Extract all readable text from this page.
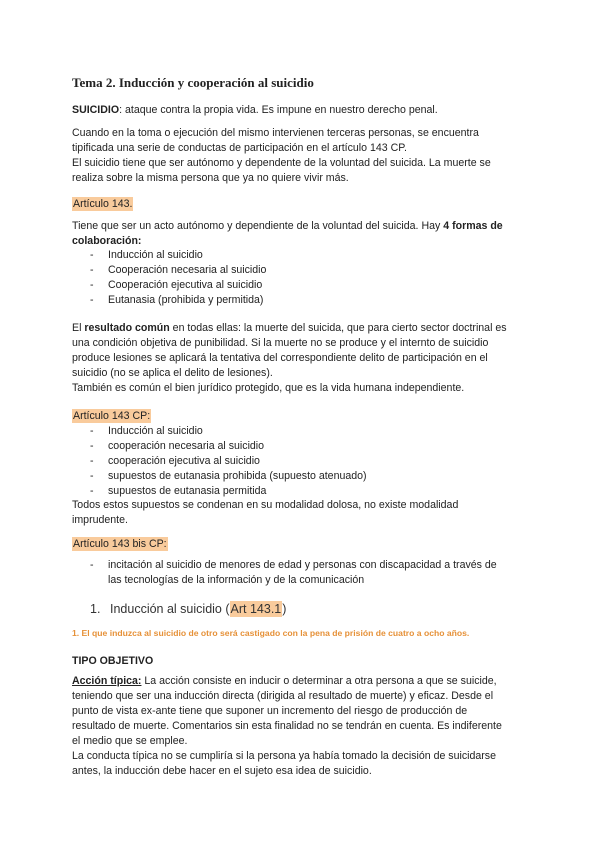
Tema 2. Inducción y cooperación al suicidio
SUICIDIO: ataque contra la propia vida. Es impune en nuestro derecho penal.
Cuando en la toma o ejecución del mismo intervienen terceras personas, se encuentra
tipificada una serie de conductas de participación en el artículo 143 CP.
El suicidio tiene que ser autónomo y dependente de la voluntad del suicida. La muerte se
realiza sobre la misma persona que ya no quiere vivir más.
Artículo 143.
Tiene que ser un acto autónomo y dependiente de la voluntad del suicida. Hay 4 formas de colaboración:
- Inducción al suicidio
- Cooperación necesaria al suicidio
- Cooperación ejecutiva al suicidio
- Eutanasia (prohibida y permitida)
El resultado común en todas ellas: la muerte del suicida, que para cierto sector doctrinal es
una condición objetiva de punibilidad. Si la muerte no se produce y el internto de suicidio
produce lesiones se aplicará la tentativa del correspondiente delito de participación en el
suicidio (no se aplica el delito de lesiones).
También es común el bien jurídico protegido, que es la vida humana independiente.
Artículo 143 CP:
- Inducción al suicidio
- cooperación necesaria al suicidio
- cooperación ejecutiva al suicidio
- supuestos de eutanasia prohibida (supuesto atenuado)
- supuestos de eutanasia permitida
Todos estos supuestos se condenan en su modalidad dolosa, no existe modalidad
imprudente.
Artículo 143 bis CP:
- incitación al suicidio de menores de edad y personas con discapacidad a través de
las tecnologías de la información y de la comunicación
1. Inducción al suicidio (Art 143.1)
1. El que induzca al suicidio de otro será castigado con la pena de prisión de cuatro a ocho años.
TIPO OBJETIVO
Acción típica: La acción consiste en inducir o determinar a otra persona a que se suicide,
teniendo que ser una inducción directa (dirigida al resultado de muerte) y eficaz. Desde el
punto de vista ex-ante tiene que suponer un incremento del riesgo de producción de
resultado de muerte. Comentarios sin esta finalidad no se tendrán en cuenta. Es indiferente
el medio que se emplee.
La conducta típica no se cumpliría si la persona ya había tomado la decisión de suicidarse
antes, la inducción debe hacer en el sujeto esa idea de suicidio.
